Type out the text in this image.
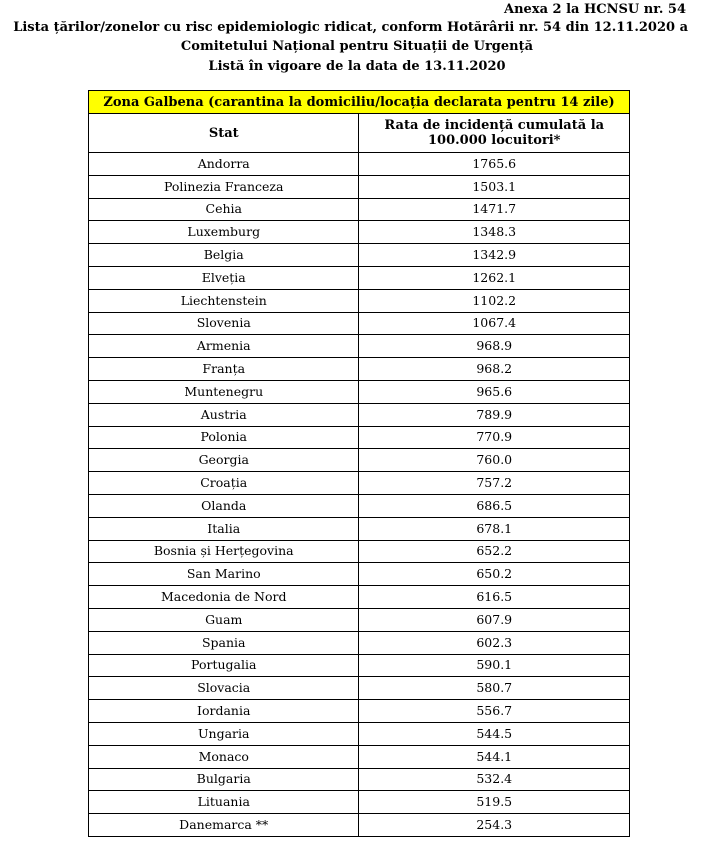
Anexa 2 la HCNSU nr. 54
Lista țărilor/zonelor cu risc epidemiologic ridicat, conform Hotărârii nr. 54 din 12.11.2020 a
Comitetului Național pentru Situații de Urgență
Listă în vigoare de la data de 13.11.2020
Zona Galbena (carantina la domiciliu/locația declarata pentru 14 zile)	
Stat	Rata de incidență cumulată la 100.000 locuitori*
Andorra	1765.6
Polinezia Franceza	1503.1
Cehia	1471.7
Luxemburg	1348.3
Belgia	1342.9
Elveția	1262.1
Liechtenstein	1102.2
Slovenia	1067.4
Armenia	968.9
Franța	968.2
Muntenegru	965.6
Austria	789.9
Polonia	770.9
Georgia	760.0
Croația	757.2
Olanda	686.5
Italia	678.1
Bosnia și Herțegovina	652.2
San Marino	650.2
Macedonia de Nord	616.5
Guam	607.9
Spania	602.3
Portugalia	590.1
Slovacia	580.7
Iordania	556.7
Ungaria	544.5
Monaco	544.1
Bulgaria	532.4
Lituania	519.5
Danemarca **	254.3
